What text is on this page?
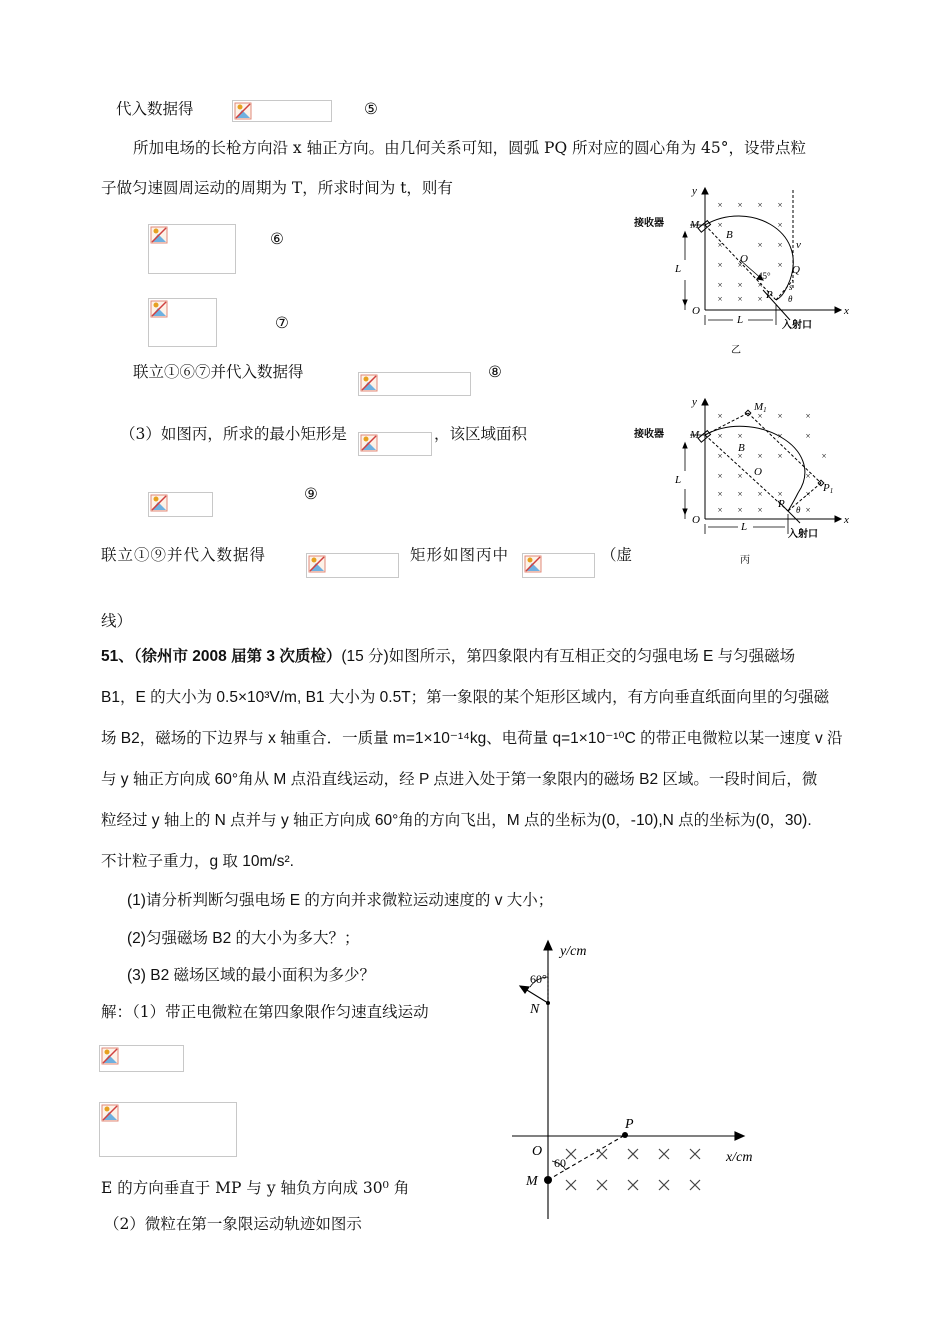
代入数据得	⑤
所加电场的长枪方向沿 x 轴正方向。由几何关系可知，圆弧 PQ 所对应的圆心角为 45°，设带点粒
子做匀速圆周运动的周期为 T，所求时间为 t，则有
⑥
⑦
联立①⑥⑦并代入数据得	⑧
（3）如图丙，所求的最小矩形是	，该区域面积
⑨
联立①⑨并代入数据得	矩形如图丙中	（虚
线）
51、（徐州市 2008 届第 3 次质检）(15 分)如图所示，第四象限内有互相正交的匀强电场 E 与匀强磁场
B1，E 的大小为 0.5×10³V/m, B1 大小为 0.5T；第一象限的某个矩形区域内，有方向垂直纸面向里的匀强磁
场 B2，磁场的下边界与 x 轴重合．一质量 m=1×10⁻¹⁴kg、电荷量 q=1×10⁻¹⁰C 的带正电微粒以某一速度 v 沿
与 y 轴正方向成 60°角从 M 点沿直线运动，经 P 点进入处于第一象限内的磁场 B2 区域。一段时间后，微
粒经过 y 轴上的 N 点并与 y 轴正方向成 60°角的方向飞出，M 点的坐标为(0，-10),N 点的坐标为(0，30).
不计粒子重力，g 取 10m/s².
(1)请分析判断匀强电场 E 的方向并求微粒运动速度的 v 大小；
(2)匀强磁场 B2 的大小为多大？；
(3) B2 磁场区域的最小面积为多少？
解：（1）带正电微粒在第四象限作匀速直线运动
E 的方向垂直于 MP 与 y 轴负方向成 30⁰ 角
（2）微粒在第一象限运动轨迹如图示
× × × ×
×	×
×	× ×
× ×	×
× × ×
× × ×
y
x
接收器 M
B
O
45° Q
v
s
P θ
L
L
O
入射口
乙
×	× ×	×
× ×	×	×
× × × ×	×
× ×	×
× × × ×	×
× × ×	×
y
x
接收器 M
M1
B
O
P
P1
θ
L
L
O
入射口
丙
y/cm
x/cm
60°
N
P
O
60
M
